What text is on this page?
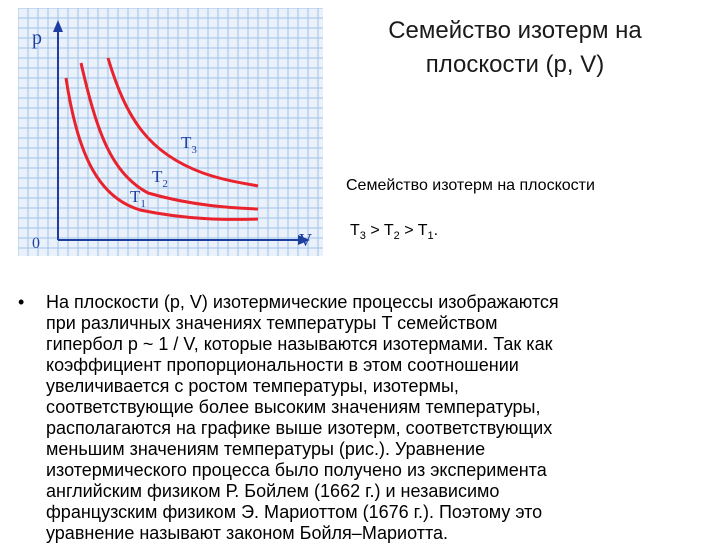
p
V
0
$T_3$
$T_2$
$T_1$
Семейство изотерм на
плоскости (p, V)
Семейство изотерм на плоскости
$T_3 > T_2 > T_1$.
• На плоскости (p, V) изотермические процессы изображаются
при различных значениях температуры T семейством
гипербол p ~ 1 / V, которые называются изотермами. Так как
коэффициент пропорциональности в этом соотношении
увеличивается с ростом температуры, изотермы,
соответствующие более высоким значениям температуры,
располагаются на графике выше изотерм, соответствующих
меньшим значениям температуры (рис.). Уравнение
изотермического процесса было получено из эксперимента
английским физиком Р. Бойлем (1662 г.) и независимо
французским физиком Э. Мариоттом (1676 г.). Поэтому это
уравнение называют законом Бойля–Мариотта.
